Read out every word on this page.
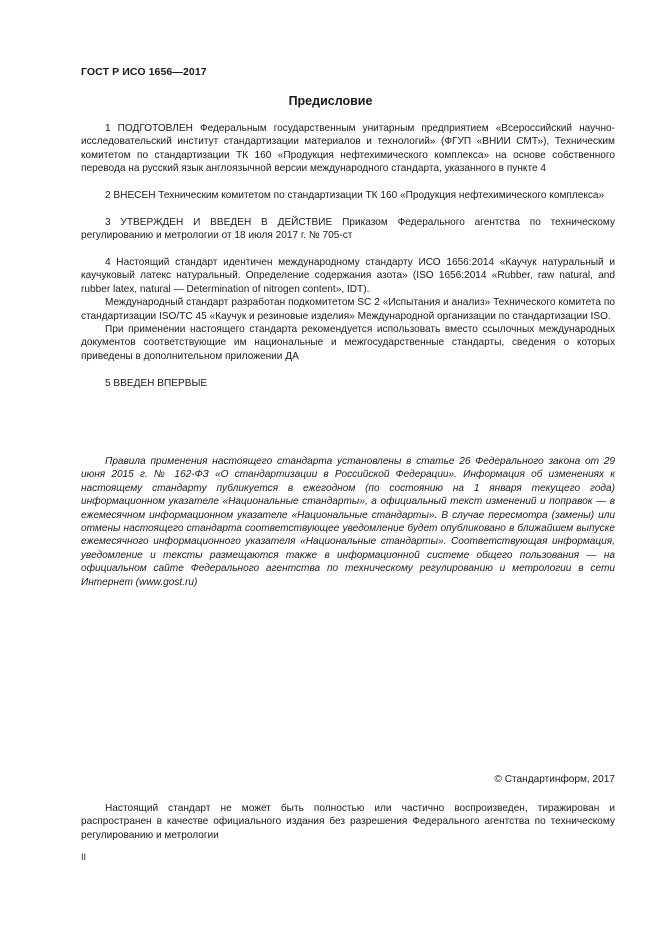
ГОСТ Р ИСО 1656—2017
Предисловие

1 ПОДГОТОВЛЕН Федеральным государственным унитарным предприятием «Всероссийский научно-исследовательский институт стандартизации материалов и технологий» (ФГУП «ВНИИ СМТ»), Техническим комитетом по стандартизации ТК 160 «Продукция нефтехимического комплекса» на основе собственного перевода на русский язык англоязычной версии международного стандарта, указанного в пункте 4

2 ВНЕСЕН Техническим комитетом по стандартизации ТК 160 «Продукция нефтехимического комплекса»

3 УТВЕРЖДЕН И ВВЕДЕН В ДЕЙСТВИЕ Приказом Федерального агентства по техническому регулированию и метрологии от 18 июля 2017 г. № 705-ст

4 Настоящий стандарт идентичен международному стандарту ИСО 1656:2014 «Каучук натуральный и каучуковый латекс натуральный. Определение содержания азота» (ISO 1656:2014 «Rubber, raw natural, and rubber latex, natural — Determination of nitrogen content», IDT).

Международный стандарт разработан подкомитетом SC 2 «Испытания и анализ» Технического комитета по стандартизации ISO/TC 45 «Каучук и резиновые изделия» Международной организации по стандартизации ISO.

При применении настоящего стандарта рекомендуется использовать вместо ссылочных международных документов соответствующие им национальные и межгосударственные стандарты, сведения о которых приведены в дополнительном приложении ДА

5 ВВЕДЕН ВПЕРВЫЕ

Правила применения настоящего стандарта установлены в статье 26 Федерального закона от 29 июня 2015 г. № 162-ФЗ «О стандартизации в Российской Федерации». Информация об изменениях к настоящему стандарту публикуется в ежегодном (по состоянию на 1 января текущего года) информационном указателе «Национальные стандарты», а официальный текст изменений и поправок — в ежемесячном информационном указателе «Национальные стандарты». В случае пересмотра (замены) или отмены настоящего стандарта соответствующее уведомление будет опубликовано в ближайшем выпуске ежемесячного информационного указателя «Национальные стандарты». Соответствующая информация, уведомление и тексты размещаются также в информационной системе общего пользования — на официальном сайте Федерального агентства по техническому регулированию и метрологии в сети Интернет (www.gost.ru)
© Стандартинформ, 2017
Настоящий стандарт не может быть полностью или частично воспроизведен, тиражирован и распространен в качестве официального издания без разрешения Федерального агентства по техническому регулированию и метрологии
II
